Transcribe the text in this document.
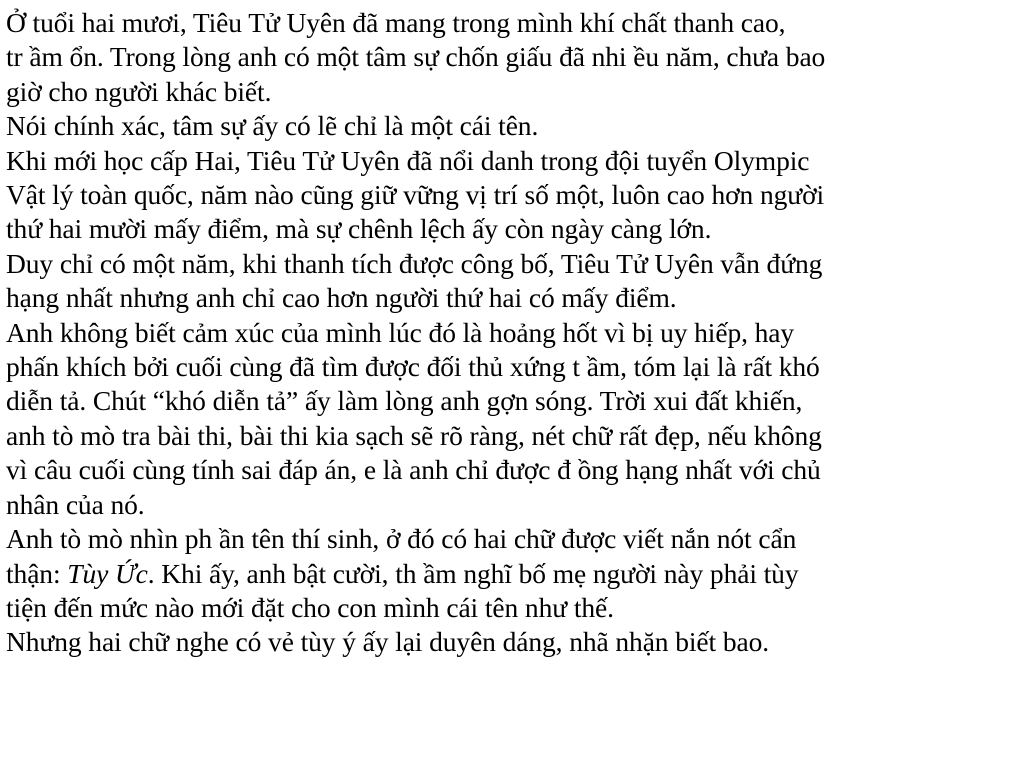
Ở tuổi hai mươi, Tiêu Tử Uyên đã mang trong mình khí chất thanh cao,
tr ầm ổn. Trong lòng anh có một tâm sự chốn giấu đã nhi ều năm, chưa bao
giờ cho người khác biết.
Nói chính xác, tâm sự ấy có lẽ chỉ là một cái tên.
Khi mới học cấp Hai, Tiêu Tử Uyên đã nổi danh trong đội tuyển Olympic
Vật lý toàn quốc, năm nào cũng giữ vững vị trí số một, luôn cao hơn người
thứ hai mười mấy điểm, mà sự chênh lệch ấy còn ngày càng lớn.
Duy chỉ có một năm, khi thanh tích được công bố, Tiêu Tử Uyên vẫn đứng
hạng nhất nhưng anh chỉ cao hơn người thứ hai có mấy điểm.
Anh không biết cảm xúc của mình lúc đó là hoảng hốt vì bị uy hiếp, hay
phấn khích bởi cuối cùng đã tìm được đối thủ xứng t ầm, tóm lại là rất khó
diễn tả. Chút “khó diễn tả” ấy làm lòng anh gợn sóng. Trời xui đất khiến,
anh tò mò tra bài thi, bài thi kia sạch sẽ rõ ràng, nét chữ rất đẹp, nếu không
vì câu cuối cùng tính sai đáp án, e là anh chỉ được đ ồng hạng nhất với chủ
nhân của nó.
Anh tò mò nhìn ph ần tên thí sinh, ở đó có hai chữ được viết nắn nót cẩn
thận: Tùy Ức. Khi ấy, anh bật cười, th ầm nghĩ bố mẹ người này phải tùy
tiện đến mức nào mới đặt cho con mình cái tên như thế.
Nhưng hai chữ nghe có vẻ tùy ý ấy lại duyên dáng, nhã nhặn biết bao.
